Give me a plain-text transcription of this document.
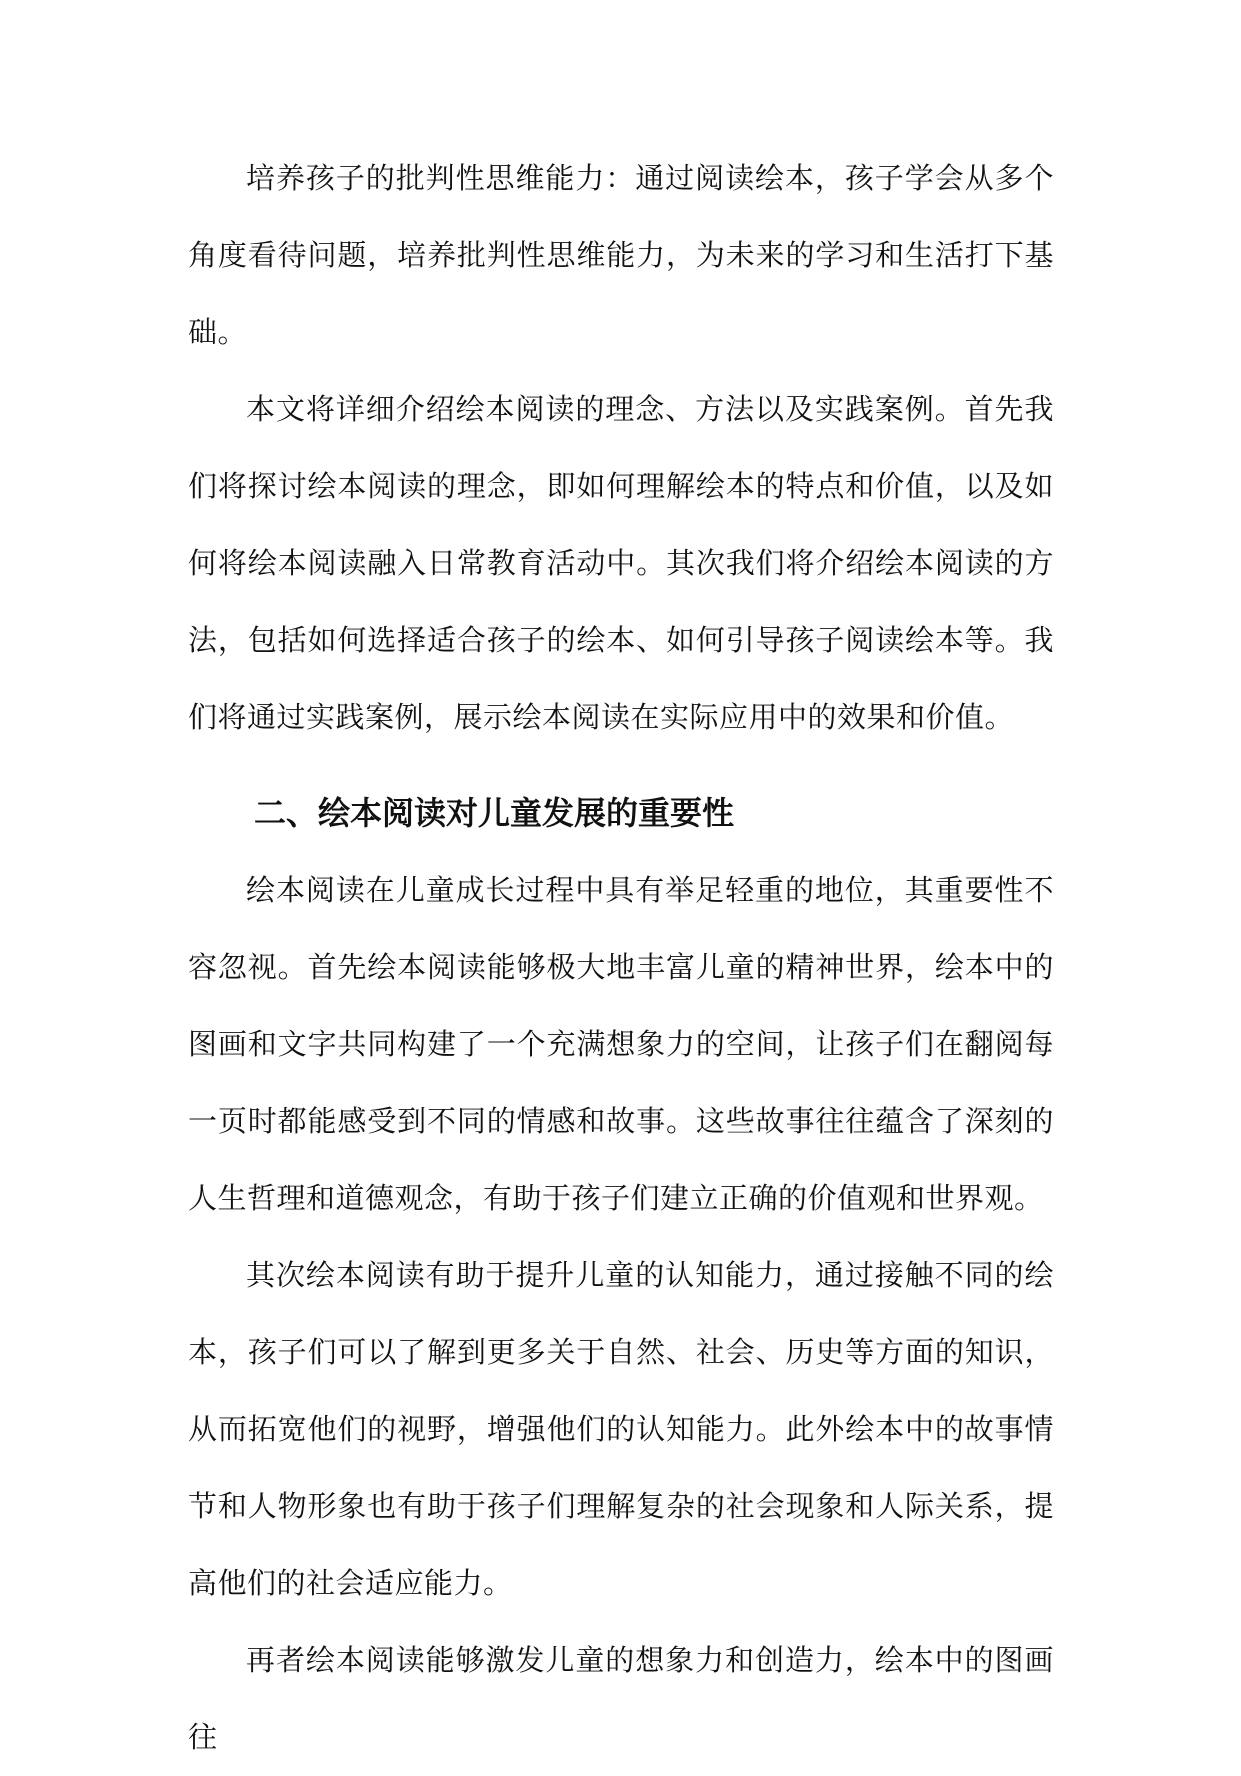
培养孩子的批判性思维能力：通过阅读绘本，孩子学会从多个角度看待问题，培养批判性思维能力，为未来的学习和生活打下基础。

本文将详细介绍绘本阅读的理念、方法以及实践案例。首先我们将探讨绘本阅读的理念，即如何理解绘本的特点和价值，以及如何将绘本阅读融入日常教育活动中。其次我们将介绍绘本阅读的方法，包括如何选择适合孩子的绘本、如何引导孩子阅读绘本等。我们将通过实践案例，展示绘本阅读在实际应用中的效果和价值。

二、绘本阅读对儿童发展的重要性

绘本阅读在儿童成长过程中具有举足轻重的地位，其重要性不容忽视。首先绘本阅读能够极大地丰富儿童的精神世界，绘本中的图画和文字共同构建了一个充满想象力的空间，让孩子们在翻阅每一页时都能感受到不同的情感和故事。这些故事往往蕴含了深刻的人生哲理和道德观念，有助于孩子们建立正确的价值观和世界观。

其次绘本阅读有助于提升儿童的认知能力，通过接触不同的绘本，孩子们可以了解到更多关于自然、社会、历史等方面的知识，从而拓宽他们的视野，增强他们的认知能力。此外绘本中的故事情节和人物形象也有助于孩子们理解复杂的社会现象和人际关系，提高他们的社会适应能力。

再者绘本阅读能够激发儿童的想象力和创造力，绘本中的图画往
